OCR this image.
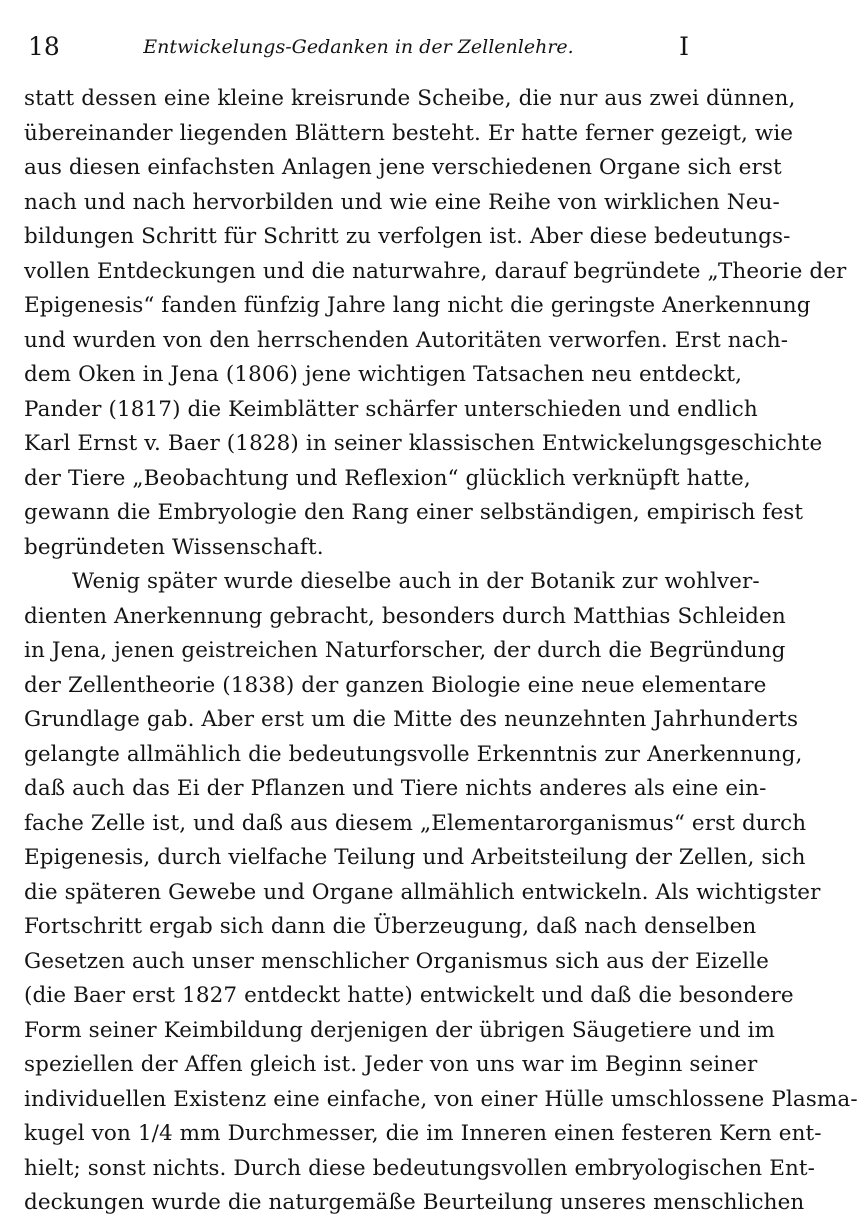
18	Entwickelungs-Gedanken in der Zellenlehre.	I
statt dessen eine kleine kreisrunde Scheibe, die nur aus zwei dünnen,
übereinander liegenden Blättern besteht. Er hatte ferner gezeigt, wie
aus diesen einfachsten Anlagen jene verschiedenen Organe sich erst
nach und nach hervorbilden und wie eine Reihe von wirklichen Neu-
bildungen Schritt für Schritt zu verfolgen ist. Aber diese bedeutungs-
vollen Entdeckungen und die naturwahre, darauf begründete „Theorie der
Epigenesis“ fanden fünfzig Jahre lang nicht die geringste Anerkennung
und wurden von den herrschenden Autoritäten verworfen. Erst nach-
dem Oken in Jena (1806) jene wichtigen Tatsachen neu entdeckt,
Pander (1817) die Keimblätter schärfer unterschieden und endlich
Karl Ernst v. Baer (1828) in seiner klassischen Entwickelungsgeschichte
der Tiere „Beobachtung und Reflexion“ glücklich verknüpft hatte,
gewann die Embryologie den Rang einer selbständigen, empirisch fest
begründeten Wissenschaft.
Wenig später wurde dieselbe auch in der Botanik zur wohlver-
dienten Anerkennung gebracht, besonders durch Matthias Schleiden
in Jena, jenen geistreichen Naturforscher, der durch die Begründung
der Zellentheorie (1838) der ganzen Biologie eine neue elementare
Grundlage gab. Aber erst um die Mitte des neunzehnten Jahrhunderts
gelangte allmählich die bedeutungsvolle Erkenntnis zur Anerkennung,
daß auch das Ei der Pflanzen und Tiere nichts anderes als eine ein-
fache Zelle ist, und daß aus diesem „Elementarorganismus“ erst durch
Epigenesis, durch vielfache Teilung und Arbeitsteilung der Zellen, sich
die späteren Gewebe und Organe allmählich entwickeln. Als wichtigster
Fortschritt ergab sich dann die Überzeugung, daß nach denselben
Gesetzen auch unser menschlicher Organismus sich aus der Eizelle
(die Baer erst 1827 entdeckt hatte) entwickelt und daß die besondere
Form seiner Keimbildung derjenigen der übrigen Säugetiere und im
speziellen der Affen gleich ist. Jeder von uns war im Beginn seiner
individuellen Existenz eine einfache, von einer Hülle umschlossene Plasma-
kugel von 1/4 mm Durchmesser, die im Inneren einen festeren Kern ent-
hielt; sonst nichts. Durch diese bedeutungsvollen embryologischen Ent-
deckungen wurde die naturgemäße Beurteilung unseres menschlichen
